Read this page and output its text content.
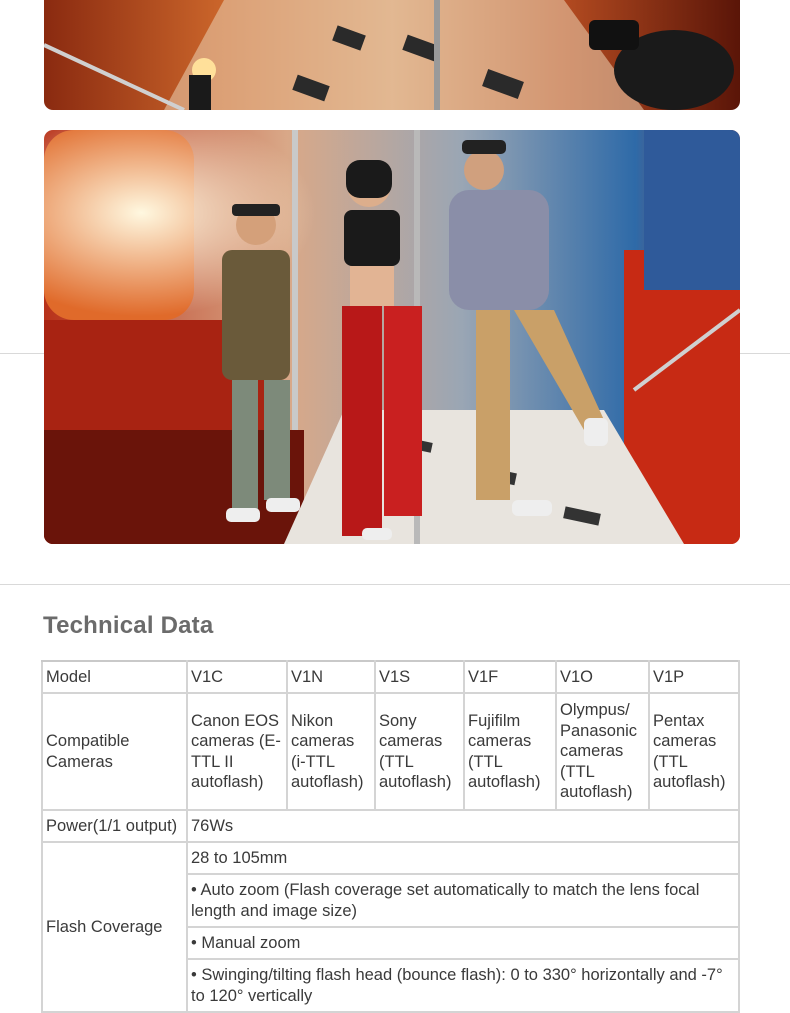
Technical Data
Model	V1C	V1N	V1S	V1F	V1O	V1P
Compatible Cameras	Canon EOS cameras (E-TTL II autoflash)	Nikon cameras (i-TTL autoflash)	Sony cameras (TTL autoflash)	Fujifilm cameras (TTL autoflash)	Olympus/ Panasonic cameras (TTL autoflash)	Pentax cameras (TTL autoflash)
Power(1/1 output)	76Ws					
Flash Coverage	28 to 105mm					
	• Auto zoom (Flash coverage set automatically to match the lens focal length and image size)					
	• Manual zoom					
	• Swinging/tilting flash head (bounce flash): 0 to 330° horizontally and -7° to 120° vertically					
